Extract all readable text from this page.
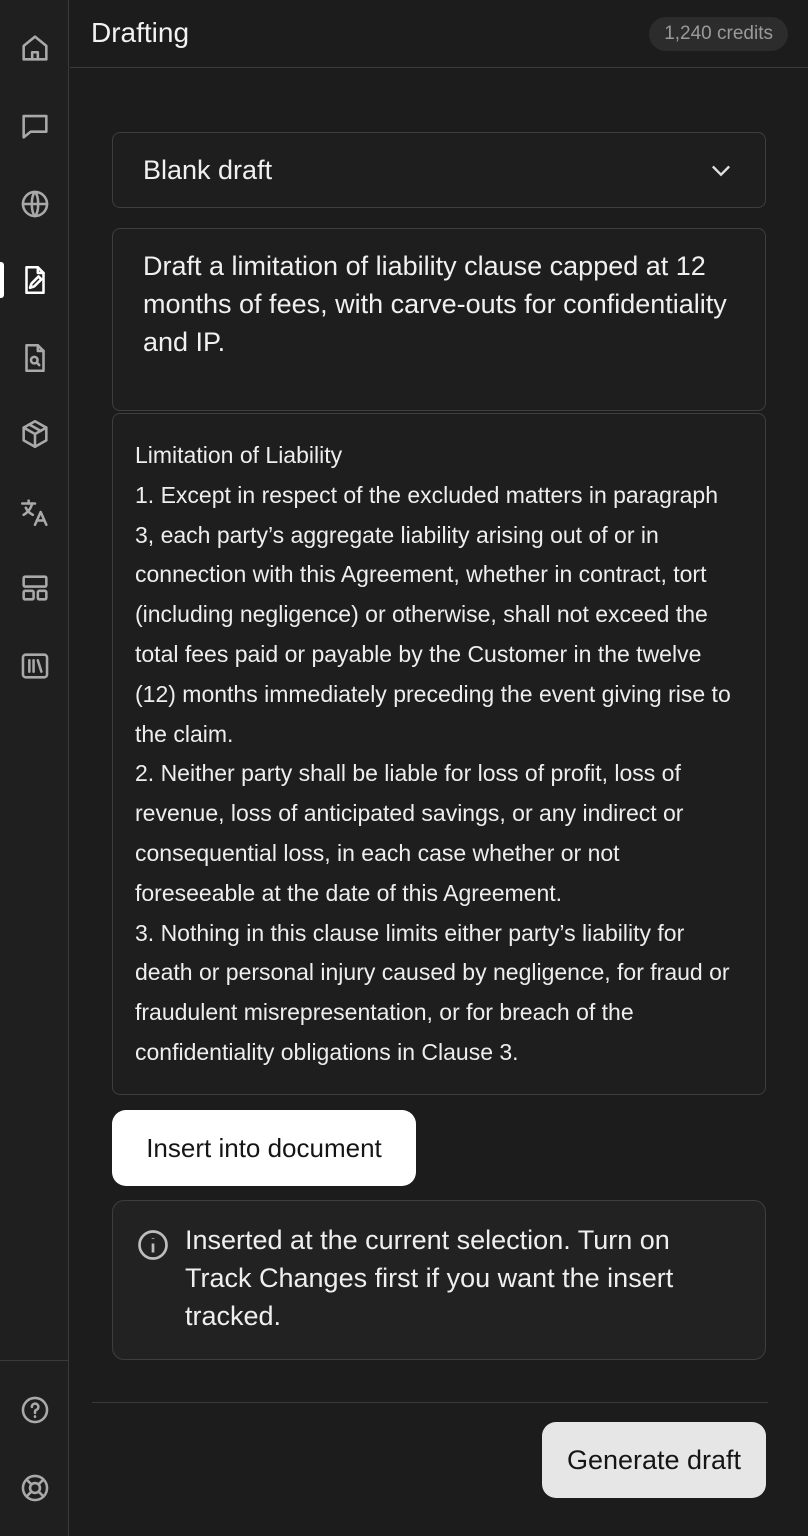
Drafting	1,240 credits
Blank draft
Draft a limitation of liability clause capped at 12 months of fees, with carve-outs for confidentiality and IP.
Limitation of Liability
1. Except in respect of the excluded matters in paragraph 3, each party’s aggregate liability arising out of or in connection with this Agreement, whether in contract, tort (including negligence) or otherwise, shall not exceed the total fees paid or payable by the Customer in the twelve (12) months immediately preceding the event giving rise to the claim.
2. Neither party shall be liable for loss of profit, loss of revenue, loss of anticipated savings, or any indirect or consequential loss, in each case whether or not foreseeable at the date of this Agreement.
3. Nothing in this clause limits either party’s liability for death or personal injury caused by negligence, for fraud or fraudulent misrepresentation, or for breach of the confidentiality obligations in Clause 3.
Insert into document
Inserted at the current selection. Turn on Track Changes first if you want the insert tracked.
Generate draft
